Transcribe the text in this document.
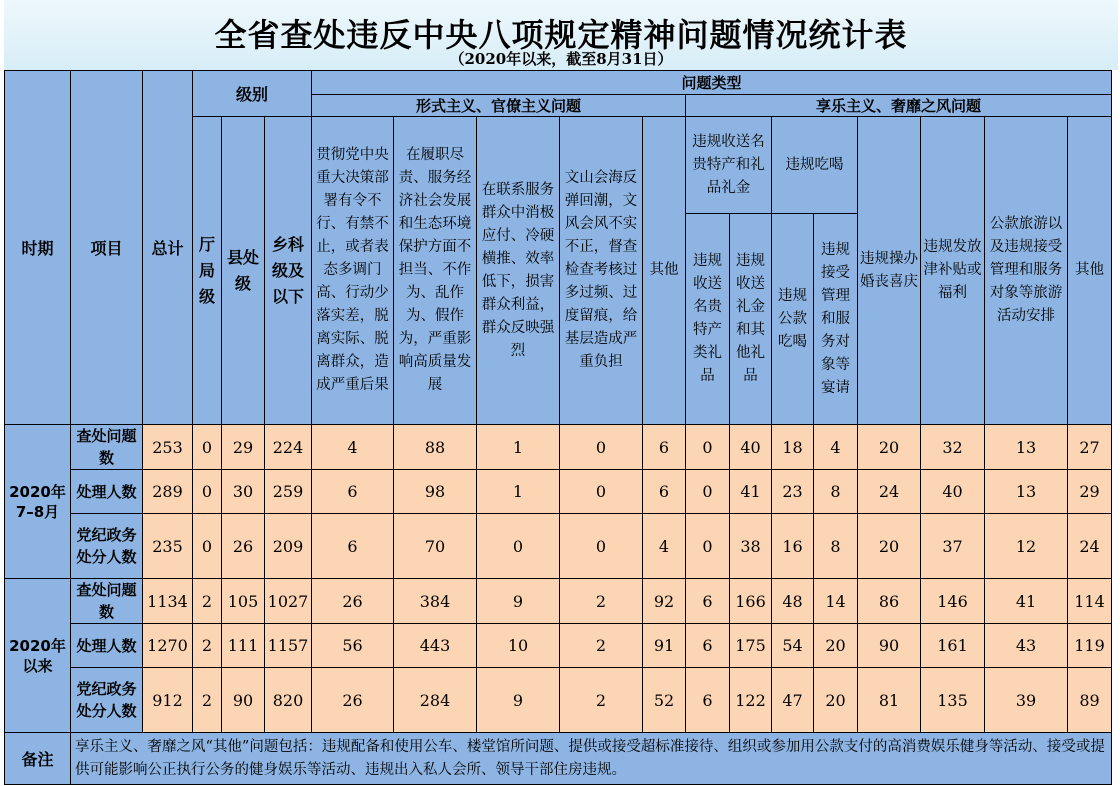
全省查处违反中央八项规定精神问题情况统计表
（2020年以来，截至8月31日）
时期	项目	总计	级别			问题类型												
						形式主义、官僚主义问题					享乐主义、奢靡之风问题							
			厅局级	县处级	乡科级及以下	贯彻党中央重大决策部署有令不行、有禁不止，或者表态多调门高、行动少落实差，脱离实际、脱离群众，造成严重后果	在履职尽责、服务经济社会发展和生态环境保护方面不担当、不作为、乱作为、假作为，严重影响高质量发展	在联系服务群众中消极应付、冷硬横推、效率低下，损害群众利益，群众反映强烈	文山会海反弹回潮，文风会风不实不正，督查检查考核过多过频、过度留痕，给基层造成严重负担	其他	违规收送名贵特产和礼品礼金		违规吃喝		违规操办婚丧喜庆	违规发放津补贴或福利	公款旅游以及违规接受管理和服务对象等旅游活动安排	其他
											违规收送名贵特产类礼品	违规收送礼金和其他礼品	违规公款吃喝	违规接受管理和服务对象等宴请				
2020年7–8月	查处问题数	253	0	29	224	4	88	1	0	6	0	40	18	4	20	32	13	27
	处理人数	289	0	30	259	6	98	1	0	6	0	41	23	8	24	40	13	29
	党纪政务处分人数	235	0	26	209	6	70	0	0	4	0	38	16	8	20	37	12	24
2020年以来	查处问题数	1134	2	105	1027	26	384	9	2	92	6	166	48	14	86	146	41	114
	处理人数	1270	2	111	1157	56	443	10	2	91	6	175	54	20	90	161	43	119
	党纪政务处分人数	912	2	90	820	26	284	9	2	52	6	122	47	20	81	135	39	89
备注	享乐主义、奢靡之风“其他”问题包括：违规配备和使用公车、楼堂馆所问题、提供或接受超标准接待、组织或参加用公款支付的高消费娱乐健身等活动、接受或提供可能影响公正执行公务的健身娱乐等活动、违规出入私人会所、领导干部住房违规。																	
